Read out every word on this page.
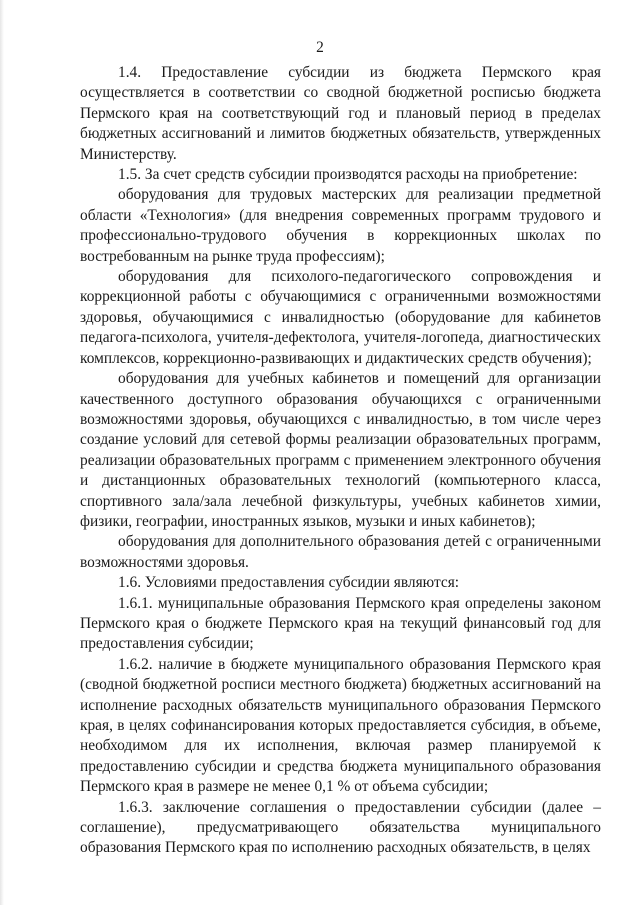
2

1.4. Предоставление субсидии из бюджета Пермского края осуществляется в соответствии со сводной бюджетной росписью бюджета Пермского края на соответствующий год и плановый период в пределах бюджетных ассигнований и лимитов бюджетных обязательств, утвержденных Министерству.

1.5. За счет средств субсидии производятся расходы на приобретение:

оборудования для трудовых мастерских для реализации предметной области «Технология» (для внедрения современных программ трудового и профессионально-трудового обучения в коррекционных школах по востребованным на рынке труда профессиям);

оборудования для психолого-педагогического сопровождения и коррекционной работы с обучающимися с ограниченными возможностями здоровья, обучающимися с инвалидностью (оборудование для кабинетов педагога-психолога, учителя-дефектолога, учителя-логопеда, диагностических комплексов, коррекционно-развивающих и дидактических средств обучения);

оборудования для учебных кабинетов и помещений для организации качественного доступного образования обучающихся с ограниченными возможностями здоровья, обучающихся с инвалидностью, в том числе через создание условий для сетевой формы реализации образовательных программ, реализации образовательных программ с применением электронного обучения и дистанционных образовательных технологий (компьютерного класса, спортивного зала/зала лечебной физкультуры, учебных кабинетов химии, физики, географии, иностранных языков, музыки и иных кабинетов);

оборудования для дополнительного образования детей с ограниченными возможностями здоровья.

1.6. Условиями предоставления субсидии являются:

1.6.1. муниципальные образования Пермского края определены законом Пермского края о бюджете Пермского края на текущий финансовый год для предоставления субсидии;

1.6.2. наличие в бюджете муниципального образования Пермского края (сводной бюджетной росписи местного бюджета) бюджетных ассигнований на исполнение расходных обязательств муниципального образования Пермского края, в целях софинансирования которых предоставляется субсидия, в объеме, необходимом для их исполнения, включая размер планируемой к предоставлению субсидии и средства бюджета муниципального образования Пермского края в размере не менее 0,1 % от объема субсидии;

1.6.3. заключение соглашения о предоставлении субсидии (далее – соглашение), предусматривающего обязательства муниципального образования Пермского края по исполнению расходных обязательств, в целях
